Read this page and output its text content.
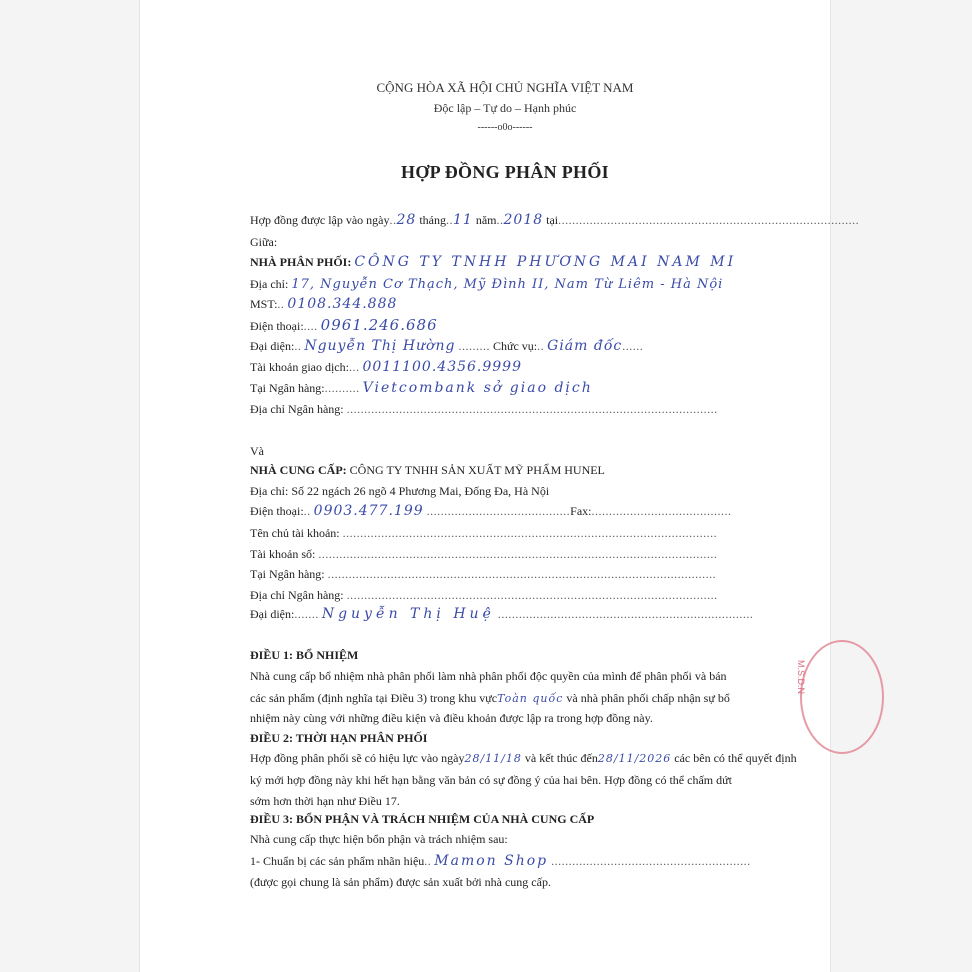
CỘNG HÒA XÃ HỘI CHỦ NGHĨA VIỆT NAM
Độc lập – Tự do – Hạnh phúc
------o0o------
HỢP ĐỒNG PHÂN PHỐI
Hợp đồng được lập vào ngày..28 tháng..11 năm..2018 tại......................................................................................
Giữa:
NHÀ PHÂN PHỐI: CÔNG TY TNHH PHƯƠNG MAI NAM MI
Địa chỉ: 17, Nguyễn Cơ Thạch, Mỹ Đình II, Nam Từ Liêm - Hà Nội
MST:.. 0108.344.888
Điện thoại:.... 0961.246.686
Đại diện:.. Nguyễn Thị Hường ......... Chức vụ:.. Giám đốc......
Tài khoản giao dịch:... 0011100.4356.9999
Tại Ngân hàng:.......... Vietcombank sở giao dịch
Địa chỉ Ngân hàng: ..........................................................................................................
Và
NHÀ CUNG CẤP: CÔNG TY TNHH SẢN XUẤT MỸ PHẨM HUNEL
Địa chỉ: Số 22 ngách 26 ngõ 4 Phương Mai, Đống Đa, Hà Nội
Điện thoại:.. 0903.477.199 .........................................Fax:........................................
Tên chủ tài khoản: ...........................................................................................................
Tài khoản số: ..................................................................................................................
Tại Ngân hàng: ...............................................................................................................
Địa chỉ Ngân hàng: ..........................................................................................................
Đại diện:....... Nguyễn Thị Huệ .........................................................................
ĐIỀU 1: BỔ NHIỆM
Nhà cung cấp bổ nhiệm nhà phân phối làm nhà phân phối độc quyền của mình để phân phối và bán
các sản phẩm (định nghĩa tại Điều 3) trong khu vựcToàn quốc và nhà phân phối chấp nhận sự bổ
nhiệm này cùng với những điều kiện và điều khoản được lập ra trong hợp đồng này.
ĐIỀU 2: THỜI HẠN PHÂN PHỐI
Hợp đồng phân phối sẽ có hiệu lực vào ngày28/11/18 và kết thúc đến28/11/2026 các bên có thể quyết định
ký mới hợp đồng này khi hết hạn bằng văn bản có sự đồng ý của hai bên. Hợp đồng có thể chấm dứt
sớm hơn thời hạn như Điều 17.
ĐIỀU 3: BỔN PHẬN VÀ TRÁCH NHIỆM CỦA NHÀ CUNG CẤP
Nhà cung cấp thực hiện bổn phận và trách nhiệm sau:
1- Chuẩn bị các sản phẩm nhãn hiệu.. Mamon Shop .........................................................
(được gọi chung là sản phẩm) được sản xuất bởi nhà cung cấp.
M.S.D.N
